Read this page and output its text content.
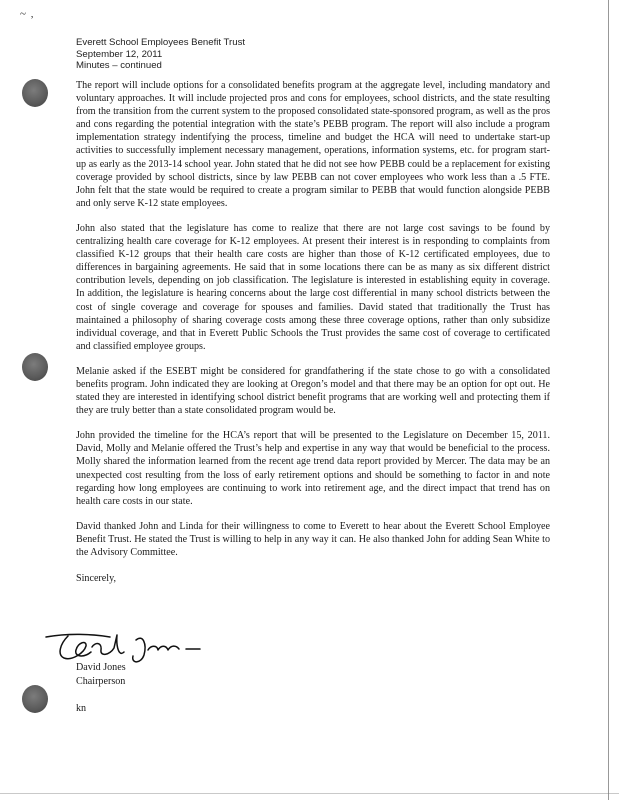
~ ,
Everett School Employees Benefit Trust
September 12, 2011
Minutes – continued

The report will include options for a consolidated benefits program at the aggregate level, including mandatory and voluntary approaches. It will include projected pros and cons for employees, school districts, and the state resulting from the transition from the current system to the proposed consolidated state-sponsored program, as well as the pros and cons regarding the potential integration with the state’s PEBB program. The report will also include a program implementation strategy indentifying the process, timeline and budget the HCA will need to undertake start-up activities to successfully implement necessary management, operations, information systems, etc. for program start-up as early as the 2013-14 school year. John stated that he did not see how PEBB could be a replacement for existing coverage provided by school districts, since by law PEBB can not cover employees who work less than a .5 FTE. John felt that the state would be required to create a program similar to PEBB that would function alongside PEBB and only serve K-12 state employees.

John also stated that the legislature has come to realize that there are not large cost savings to be found by centralizing health care coverage for K-12 employees. At present their interest is in responding to complaints from classified K-12 groups that their health care costs are higher than those of K-12 certificated employees, due to differences in bargaining agreements. He said that in some locations there can be as many as six different district contribution levels, depending on job classification. The legislature is interested in establishing equity in coverage. In addition, the legislature is hearing concerns about the large cost differential in many school districts between the cost of single coverage and coverage for spouses and families. David stated that traditionally the Trust has maintained a philosophy of sharing coverage costs among these three coverage options, rather than only subsidize individual coverage, and that in Everett Public Schools the Trust provides the same cost of coverage to certificated and classified employee groups.

Melanie asked if the ESEBT might be considered for grandfathering if the state chose to go with a consolidated benefits program. John indicated they are looking at Oregon’s model and that there may be an option for opt out. He stated they are interested in identifying school district benefit programs that are working well and protecting them if they are truly better than a state consolidated program would be.

John provided the timeline for the HCA’s report that will be presented to the Legislature on December 15, 2011. David, Molly and Melanie offered the Trust’s help and expertise in any way that would be beneficial to the process. Molly shared the information learned from the recent age trend data report provided by Mercer. The data may be an unexpected cost resulting from the loss of early retirement options and should be something to factor in and note regarding how long employees are continuing to work into retirement age, and the direct impact that trend has on health care costs in our state.

David thanked John and Linda for their willingness to come to Everett to hear about the Everett School Employee Benefit Trust. He stated the Trust is willing to help in any way it can. He also thanked John for adding Sean White to the Advisory Committee.

Sincerely,

David Jones
Chairperson
kn
